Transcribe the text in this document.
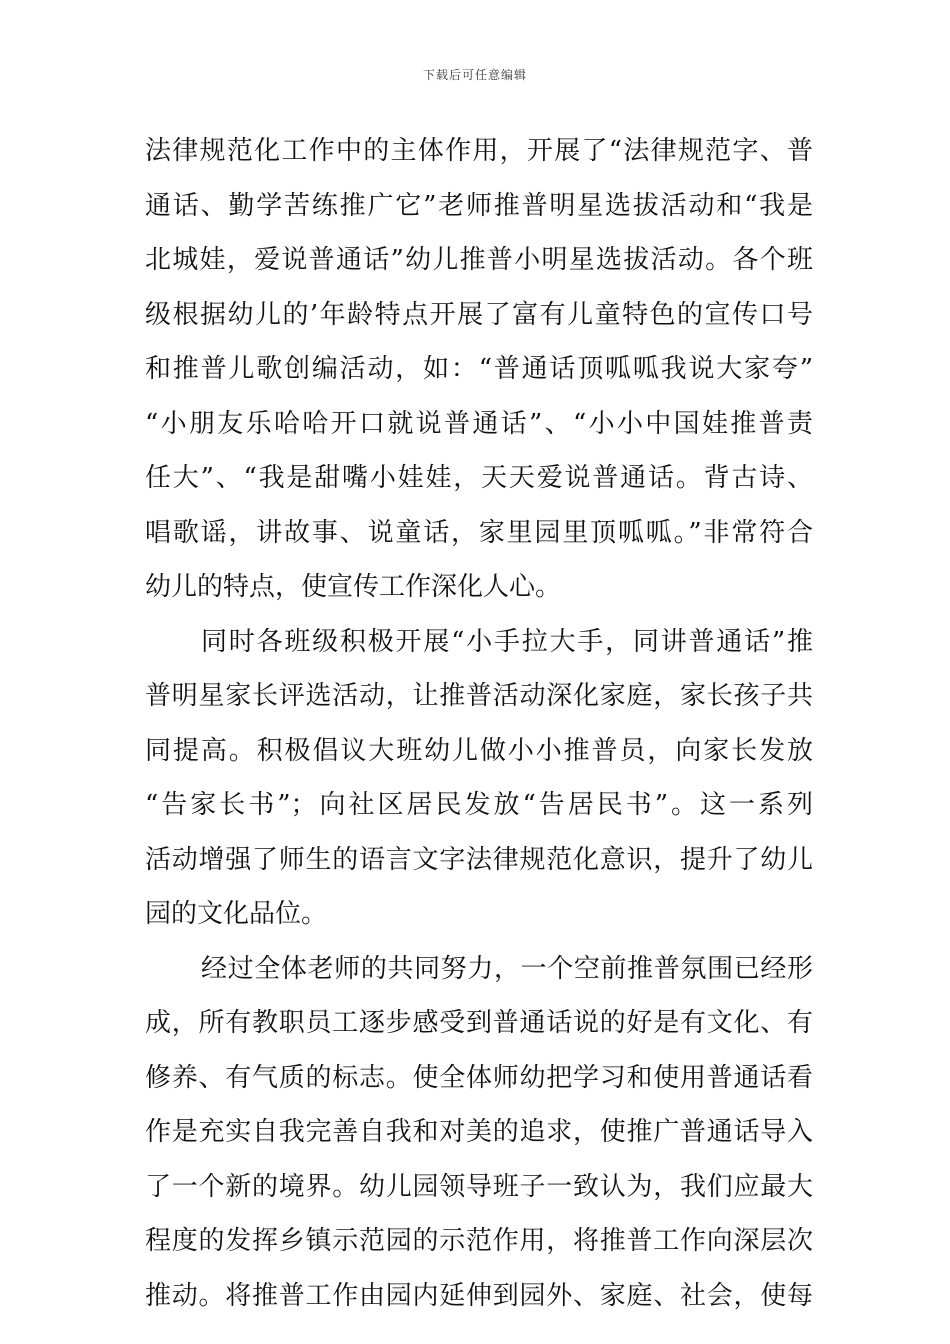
下载后可任意编辑
法律规范化工作中的主体作用，开展了“法律规范字、普
通话、勤学苦练推广它”老师推普明星选拔活动和“我是
北城娃，爱说普通话”幼儿推普小明星选拔活动。各个班
级根据幼儿的’年龄特点开展了富有儿童特色的宣传口号
和推普儿歌创编活动，如：“普通话顶呱呱我说大家夸”
“小朋友乐哈哈开口就说普通话”、“小小中国娃推普责
任大”、“我是甜嘴小娃娃，天天爱说普通话。背古诗、
唱歌谣，讲故事、说童话，家里园里顶呱呱。”非常符合
幼儿的特点，使宣传工作深化人心。
同时各班级积极开展“小手拉大手，同讲普通话”推
普明星家长评选活动，让推普活动深化家庭，家长孩子共
同提高。积极倡议大班幼儿做小小推普员，向家长发放
“告家长书”；向社区居民发放“告居民书”。这一系列
活动增强了师生的语言文字法律规范化意识，提升了幼儿
园的文化品位。
经过全体老师的共同努力，一个空前推普氛围已经形
成，所有教职员工逐步感受到普通话说的好是有文化、有
修养、有气质的标志。使全体师幼把学习和使用普通话看
作是充实自我完善自我和对美的追求，使推广普通话导入
了一个新的境界。幼儿园领导班子一致认为，我们应最大
程度的发挥乡镇示范园的示范作用，将推普工作向深层次
推动。将推普工作由园内延伸到园外、家庭、社会，使每
